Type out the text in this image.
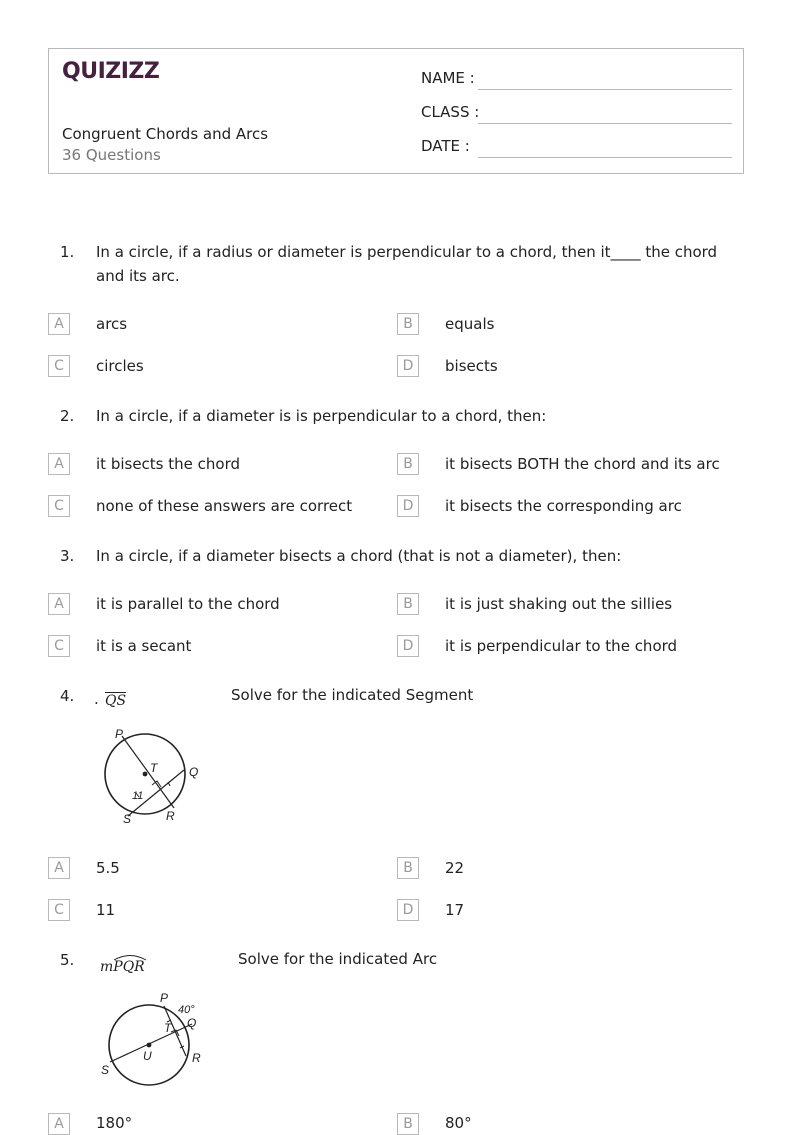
QUIZIZZ
Congruent Chords and Arcs
36 Questions
NAME :
CLASS :
DATE :
1. In a circle, if a radius or diameter is perpendicular to a chord, then it____ the chord and its arc.
A	arcs	B	equals
C	circles	D	bisects
2. In a circle, if a diameter is is perpendicular to a chord, then:
A	it bisects the chord	B	it bisects BOTH the chord and its arc
C	none of these answers are correct	D	it bisects the corresponding arc
3. In a circle, if a diameter bisects a chord (that is not a diameter), then:
A	it is parallel to the chord	B	it is just shaking out the sillies
C	it is a secant	D	it is perpendicular to the chord
4. . QS	Solve for the indicated Segment
P
T	Q
11
S	R
A	5.5	B	22
C	11	D	17
5. mPQR	Solve for the indicated Arc
P
40°
T Q
U
S
R
A	180°	B	80°
